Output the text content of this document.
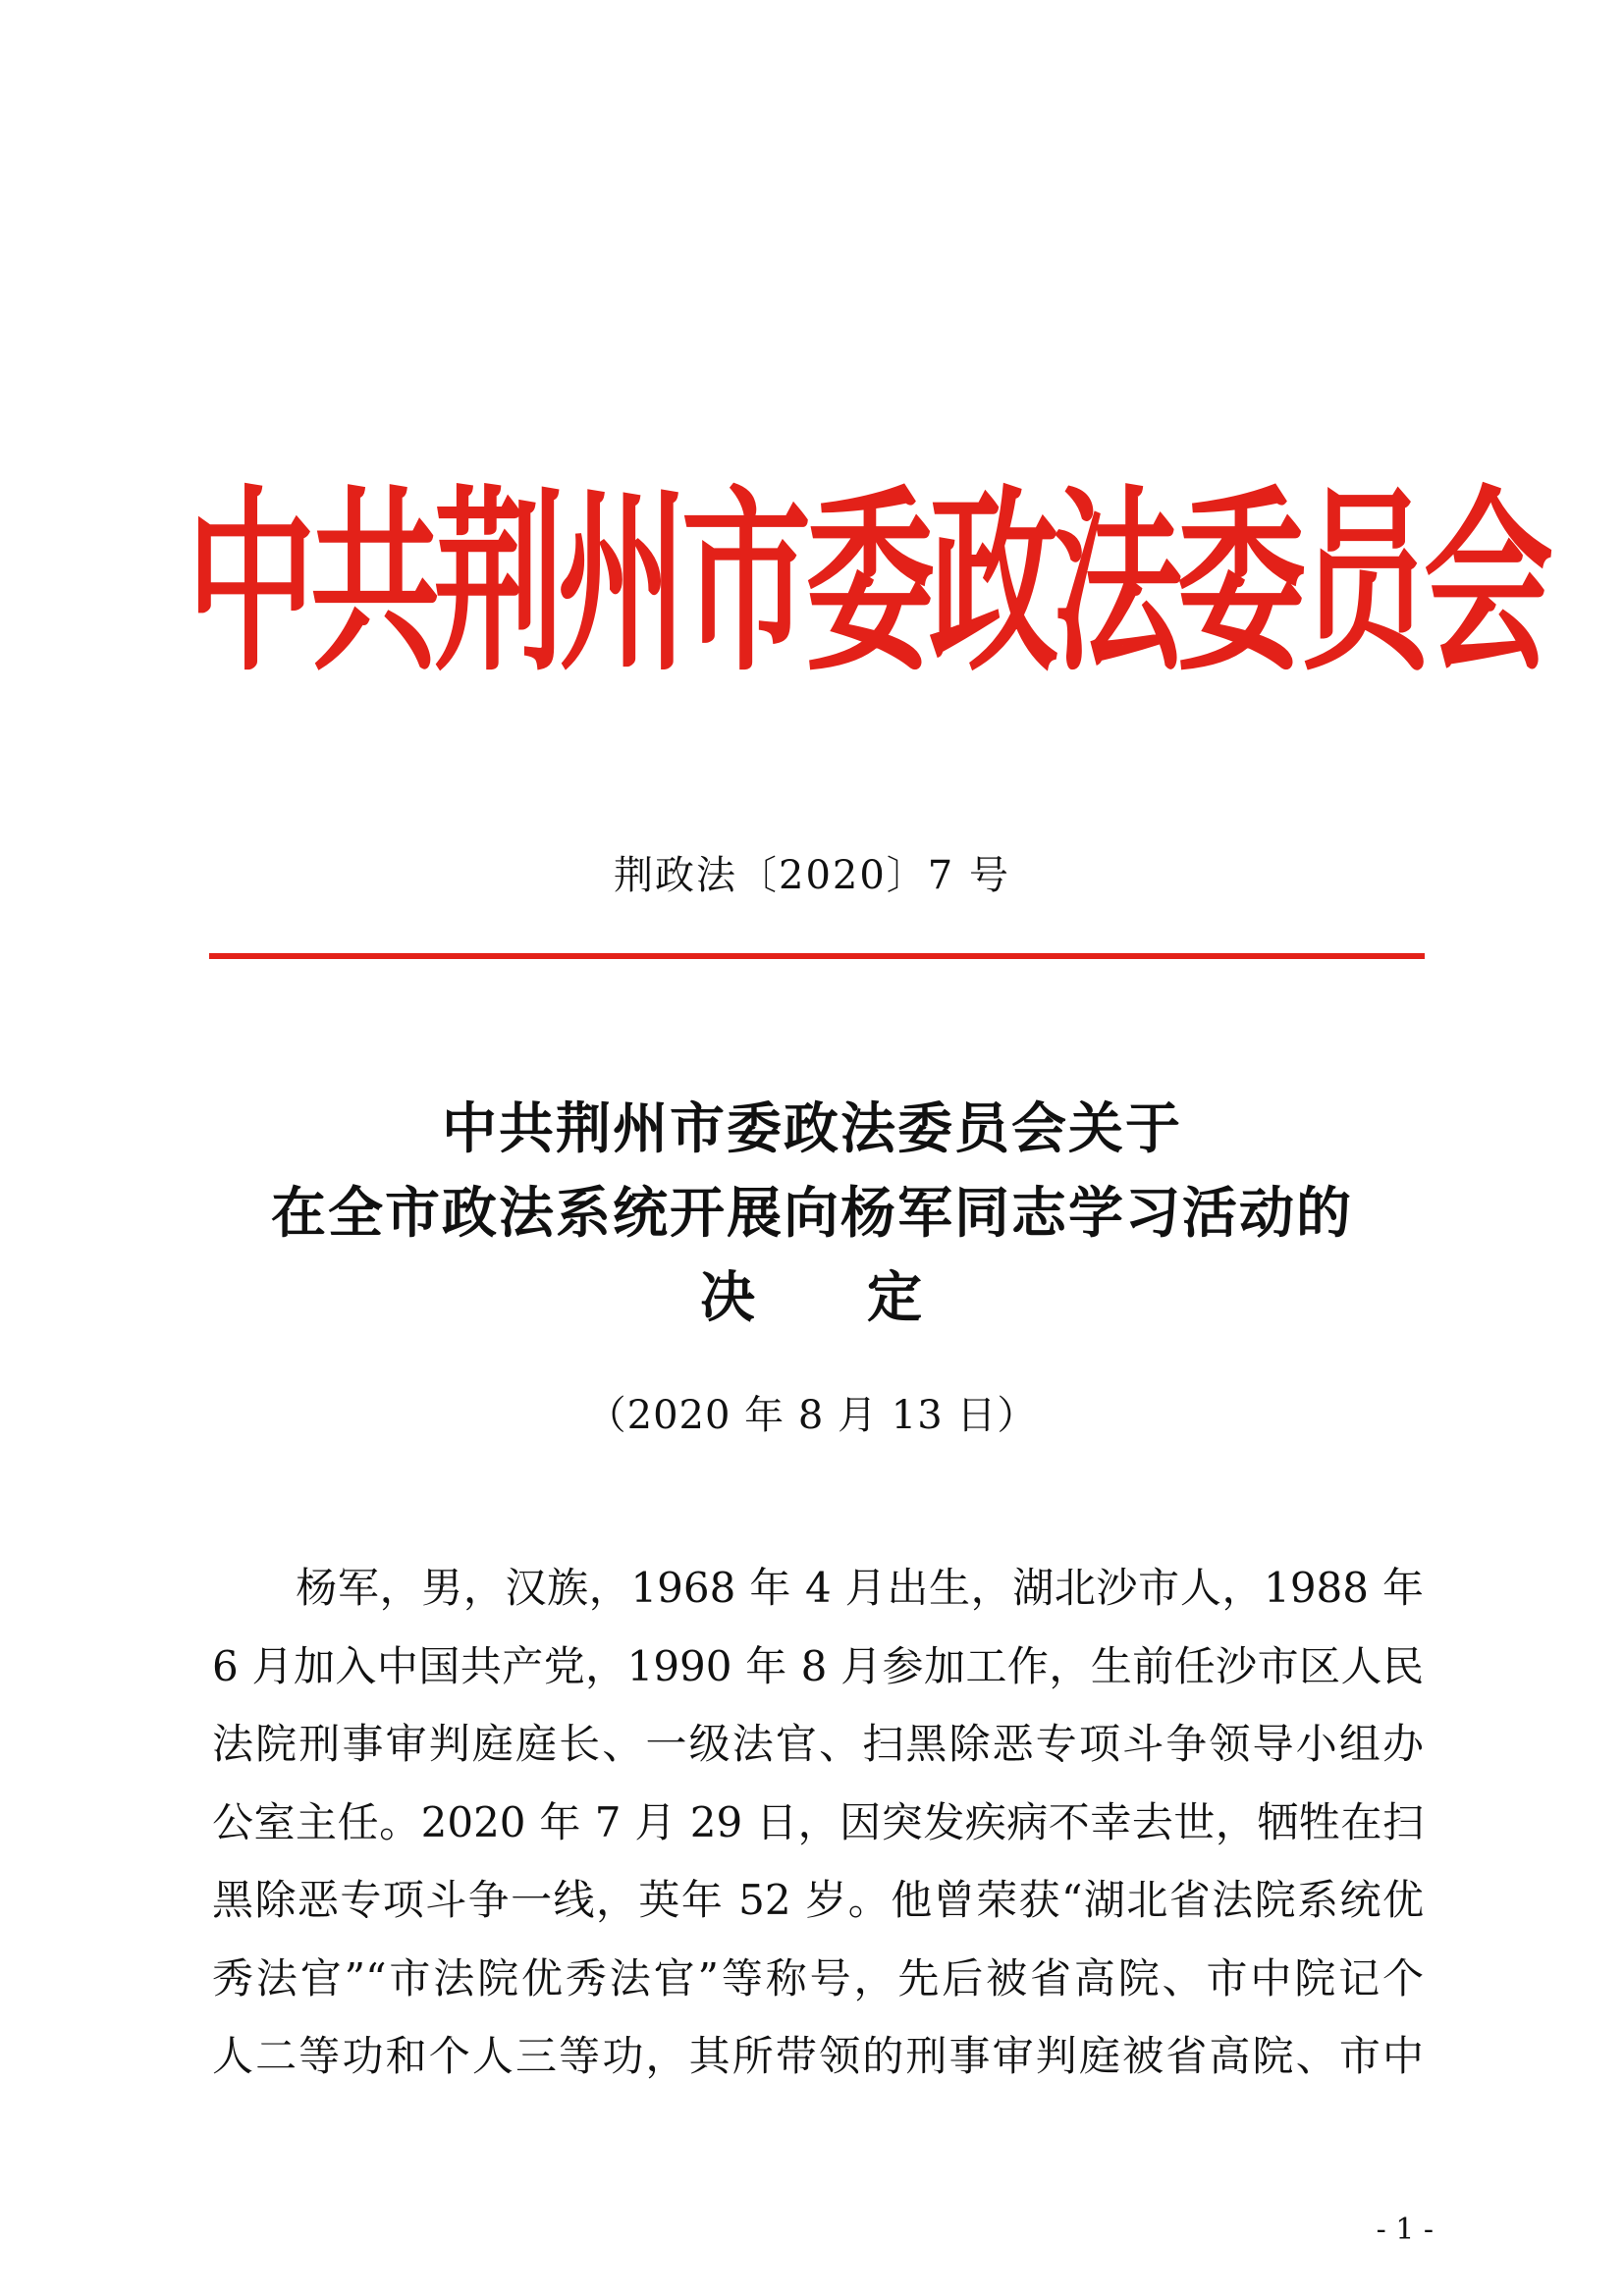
中共荆州市委政法委员会
荆政法〔2020〕7 号
中共荆州市委政法委员会关于
在全市政法系统开展向杨军同志学习活动的
决 定
（2020 年 8 月 13 日）
　　杨军，男，汉族，1968 年 4 月出生，湖北沙市人，1988 年
6 月加入中国共产党，1990 年 8 月参加工作，生前任沙市区人民
法院刑事审判庭庭长、一级法官、扫黑除恶专项斗争领导小组办
公室主任。2020 年 7 月 29 日，因突发疾病不幸去世，牺牲在扫
黑除恶专项斗争一线，英年 52 岁。他曾荣获“湖北省法院系统优
秀法官”“市法院优秀法官”等称号，先后被省高院、市中院记个
人二等功和个人三等功，其所带领的刑事审判庭被省高院、市中
- 1 -
